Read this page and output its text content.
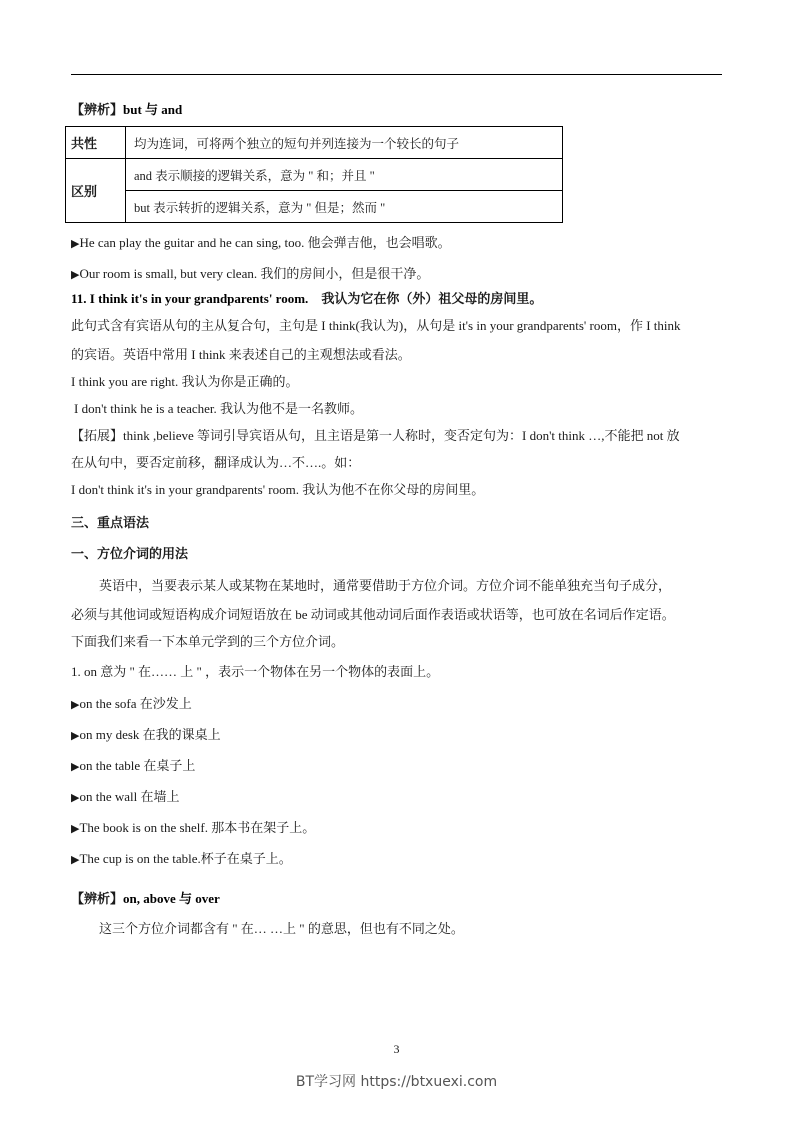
【辨析】but 与 and
共性	均为连词，可将两个独立的短句并列连接为一个较长的句子
区别	and 表示顺接的逻辑关系，意为 " 和；并且 "
	but 表示转折的逻辑关系，意为 " 但是；然而 "
▶He can play the guitar and he can sing, too. 他会弹吉他，也会唱歌。
▶Our room is small, but very clean. 我们的房间小，但是很干净。
11. I think it's in your grandparents' room. 我认为它在你（外）祖父母的房间里。
此句式含有宾语从句的主从复合句，主句是 I think(我认为)，从句是 it's in your grandparents' room，作 I think
的宾语。英语中常用 I think 来表述自己的主观想法或看法。
I think you are right. 我认为你是正确的。
I don't think he is a teacher. 我认为他不是一名教师。
【拓展】think ,believe 等词引导宾语从句，且主语是第一人称时，变否定句为：I don't think …,不能把 not 放
在从句中，要否定前移，翻译成认为…不….。如：
I don't think it's in your grandparents' room. 我认为他不在你父母的房间里。
三、重点语法
一、方位介词的用法
英语中，当要表示某人或某物在某地时，通常要借助于方位介词。方位介词不能单独充当句子成分，
必须与其他词或短语构成介词短语放在 be 动词或其他动词后面作表语或状语等，也可放在名词后作定语。
下面我们来看一下本单元学到的三个方位介词。
1. on 意为 " 在…… 上 " ，表示一个物体在另一个物体的表面上。
▶on the sofa 在沙发上
▶on my desk 在我的课桌上
▶on the table 在桌子上
▶on the wall 在墙上
▶The book is on the shelf. 那本书在架子上。
▶The cup is on the table.杯子在桌子上。
【辨析】on, above 与 over
这三个方位介词都含有 " 在… …上 " 的意思，但也有不同之处。
3
BT学习网 https://btxuexi.com
